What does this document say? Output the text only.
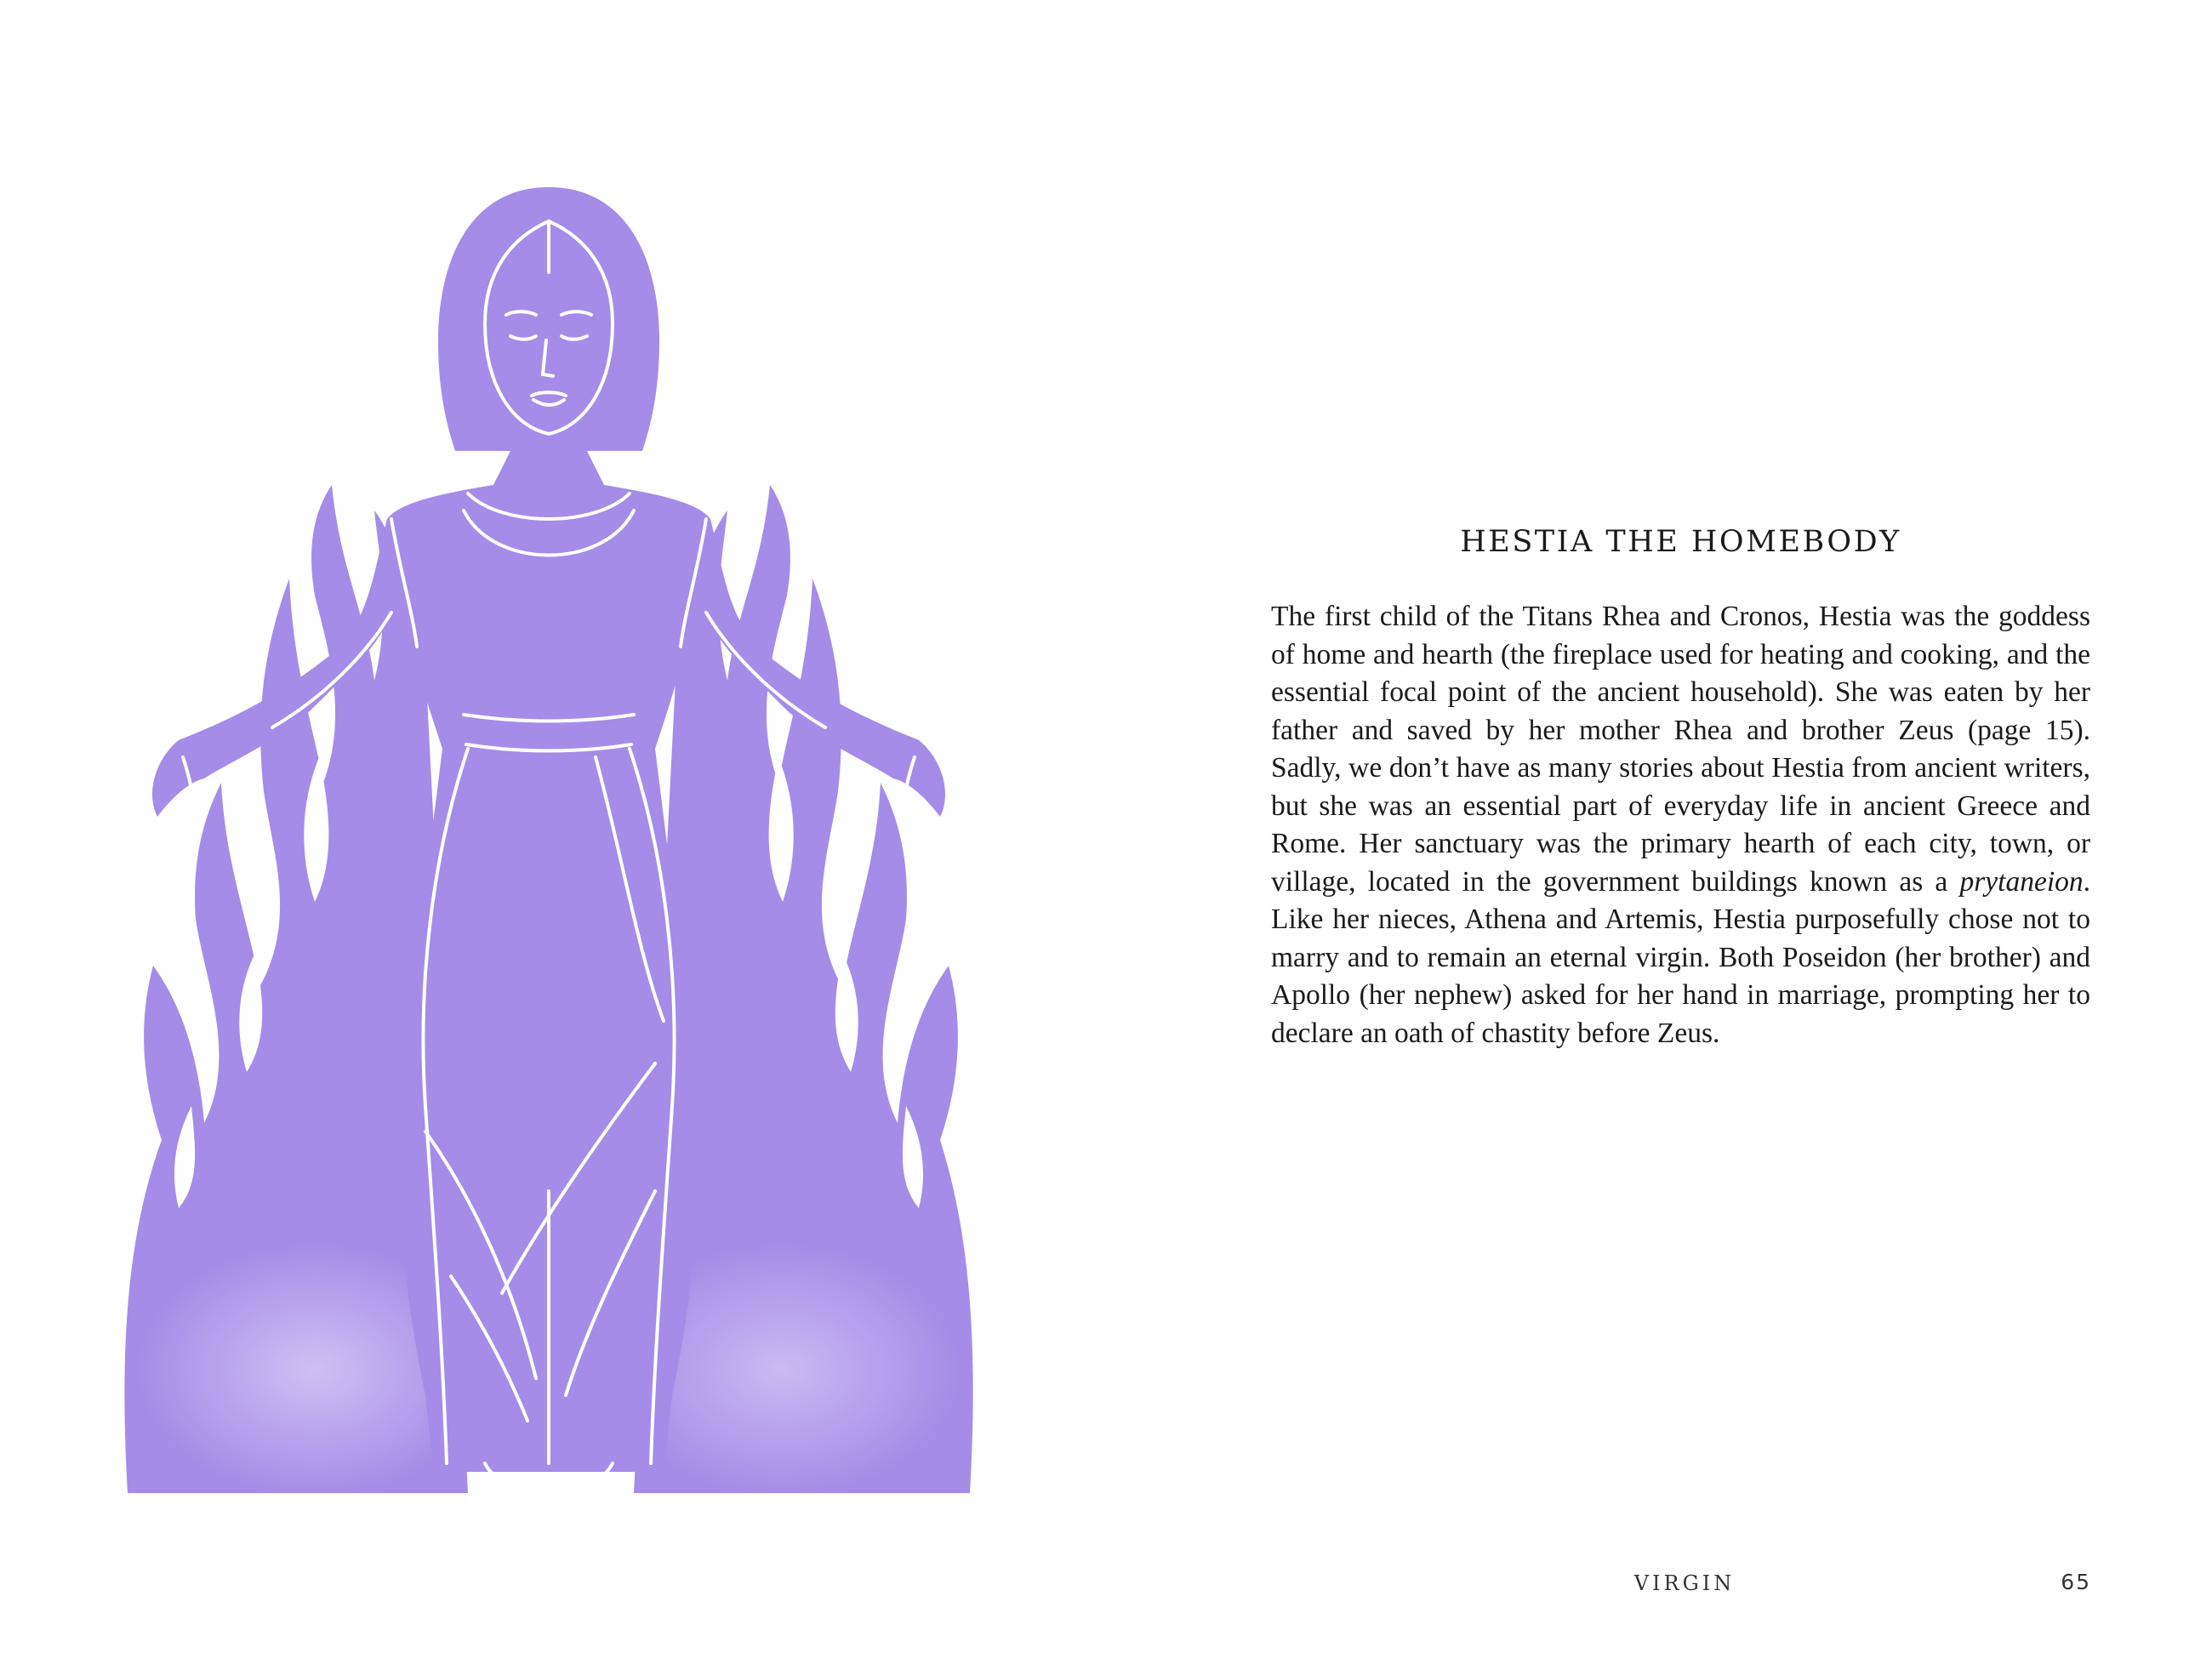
HESTIA THE HOMEBODY

The first child of the Titans Rhea and Cronos, Hestia was the goddess of home and hearth (the fireplace used for heating and cooking, and the essential focal point of the ancient household). She was eaten by her father and saved by her mother Rhea and brother Zeus (page 15). Sadly, we don’t have as many stories about Hestia from ancient writers, but she was an essential part of everyday life in ancient Greece and Rome. Her sanctuary was the primary hearth of each city, town, or village, located in the government buildings known as a prytaneion. Like her nieces, Athena and Artemis, Hestia purposefully chose not to marry and to remain an eternal virgin. Both Poseidon (her brother) and Apollo (her nephew) asked for her hand in marriage, prompting her to declare an oath of chastity before Zeus.

VIRGIN	65
